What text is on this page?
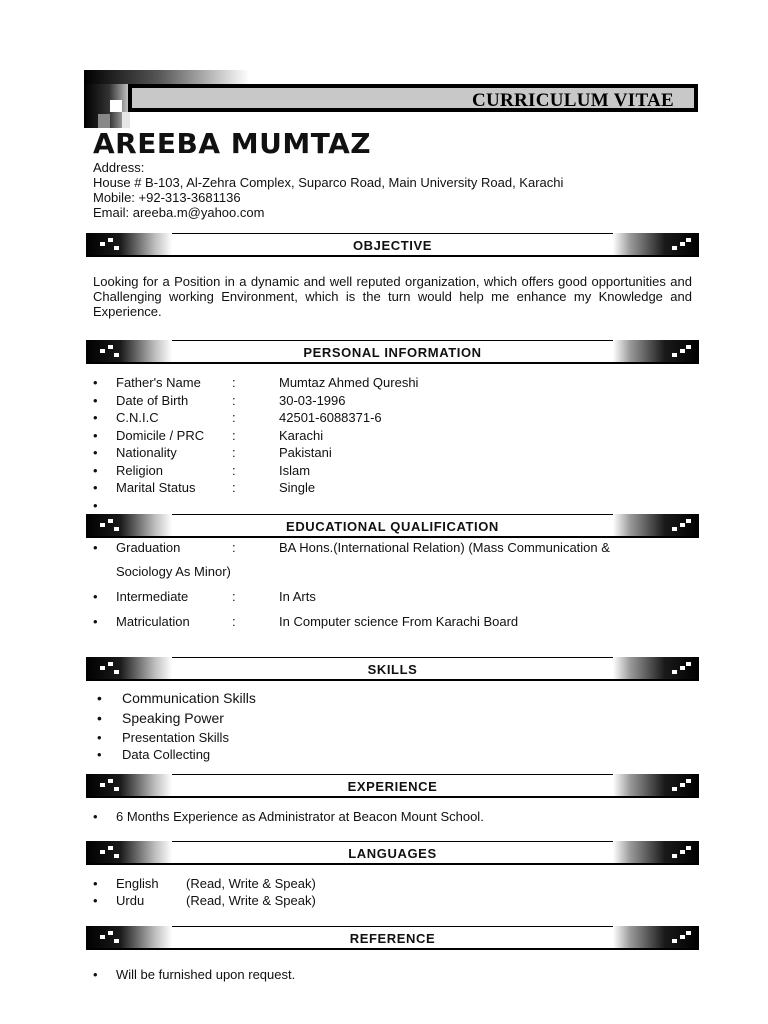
CURRICULUM VITAE
AREEBA MUMTAZ
Address:
House # B-103, Al-Zehra Complex, Suparco Road, Main University Road, Karachi
Mobile: +92-313-3681136
Email: areeba.m@yahoo.com
OBJECTIVE
Looking for a Position in a dynamic and well reputed organization, which offers good opportunities and Challenging working Environment, which is the turn would help me enhance my Knowledge and Experience.
PERSONAL INFORMATION
• Father's Name :	Mumtaz Ahmed Qureshi
• Date of Birth	:	30-03-1996
• C.N.I.C	:	42501-6088371-6
• Domicile / PRC :	Karachi
• Nationality	:	Pakistani
• Religion	:	Islam
• Marital Status	:	Single
•
EDUCATIONAL QUALIFICATION
• Graduation	:	BA Hons.(International Relation) (Mass Communication &
Sociology As Minor)
• Intermediate	:	In Arts
• Matriculation	:	In Computer science From Karachi Board
SKILLS
• Communication Skills
• Speaking Power
• Presentation Skills
• Data Collecting
EXPERIENCE
• 6 Months Experience as Administrator at Beacon Mount School.
LANGUAGES
• English (Read, Write & Speak)
• Urdu	(Read, Write & Speak)
REFERENCE
• Will be furnished upon request.
